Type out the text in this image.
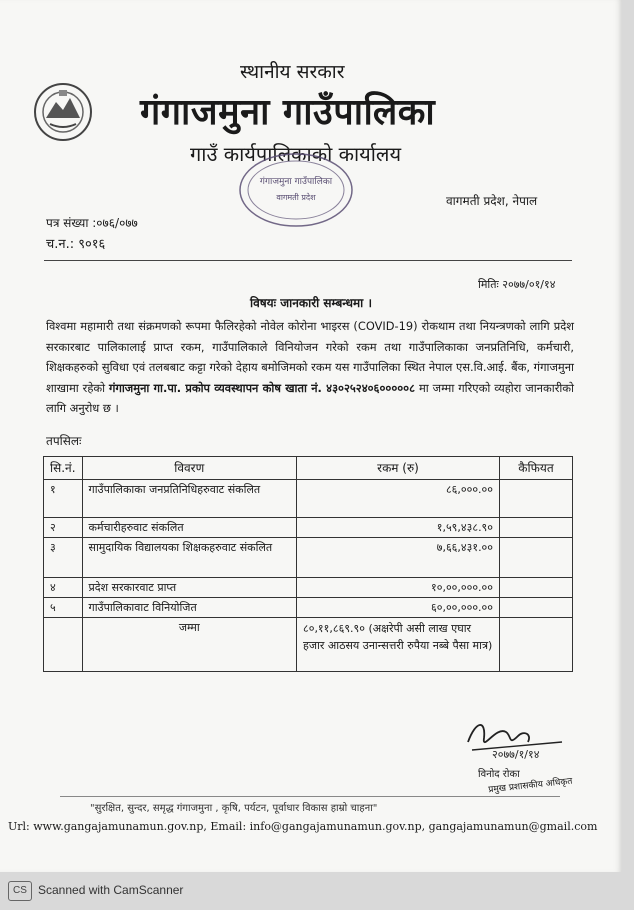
स्थानीय सरकार
गंगाजमुना गाउँपालिका
गाउँ कार्यपालिकाको कार्यालय
गंगाजमुना गाउँपालिका
वागमती प्रदेश	वागमती प्रदेश, नेपाल
पत्र संख्या :०७६/०७७
च.न.: ९०१६
मितिः २०७७/०१/१४
विषयः जानकारी सम्बन्धमा ।
विश्वमा महामारी तथा संक्रमणको रूपमा फैलिरहेको नोवेल कोरोना भाइरस (COVID-19) रोकथाम तथा नियन्त्रणको लागि प्रदेश सरकारबाट पालिकालाई प्राप्त रकम, गाउँपालिकाले विनियोजन गरेको रकम तथा गाउँपालिकाका जनप्रतिनिधि, कर्मचारी, शिक्षकहरुको सुविधा एवं तलबबाट कट्टा गरेको देहाय बमोजिमको रकम यस गाउँपालिका स्थित नेपाल एस.वि.आई. बैंक, गंगाजमुना शाखामा रहेको गंगाजमुना गा.पा. प्रकोप व्यवस्थापन कोष खाता नं. ४३०२५२४०६०००००८ मा जम्मा गरिएको व्यहोरा जानकारीको लागि अनुरोध छ ।
तपसिलः
सि.नं.	विवरण	रकम (रु)	कैफियत
१	गाउँपालिकाका जनप्रतिनिधिहरुवाट संकलित	८६,०००.००	
२	कर्मचारीहरुवाट संकलित	१,५९,४३८.९०	
३	सामुदायिक विद्यालयका शिक्षकहरुवाट संकलित	७,६६,४३१.००	
४	प्रदेश सरकारवाट प्राप्त	१०,००,०००.००	
५	गाउँपालिकावाट विनियोजित	६०,००,०००.००	
	जम्मा	८०,११,८६९.९० (अक्षरेपी असी लाख एघार हजार आठसय उनान्सत्तरी रुपैया नब्बे पैसा मात्र)	
२०७७/१/१४
विनोद रोका
प्रमुख प्रशासकीय अधिकृत
"सुरक्षित, सुन्दर, समृद्ध गंगाजमुना , कृषि, पर्यटन, पूर्वाधार विकास हाम्रो चाहना"
Url: www.gangajamunamun.gov.np, Email: info@gangajamunamun.gov.np, gangajamunamun@gmail.com
CS Scanned with CamScanner
